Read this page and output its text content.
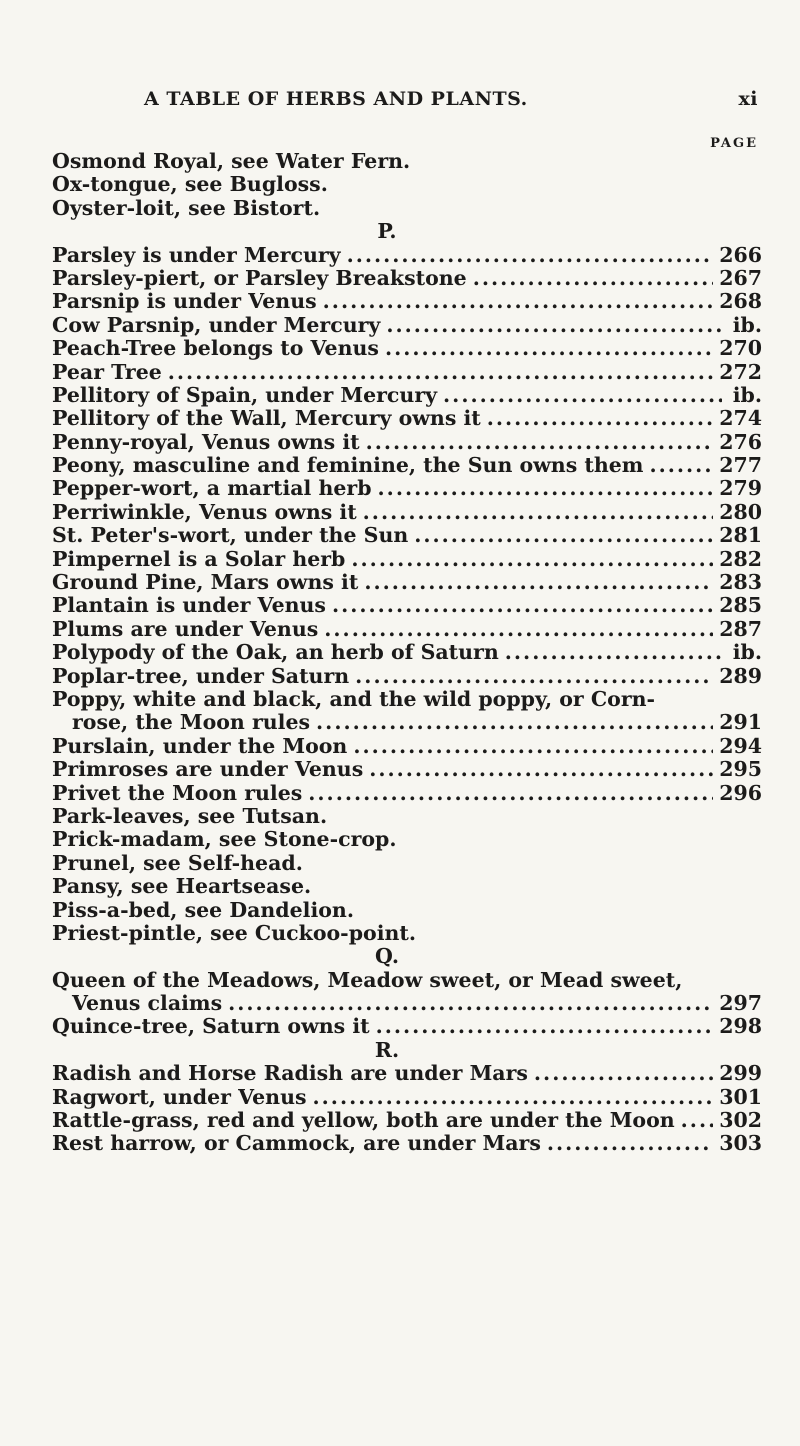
A TABLE OF HERBS AND PLANTS.	xi
PAGE
Osmond Royal, see Water Fern.
Ox-tongue, see Bugloss.
Oyster-loit, see Bistort.
P.
Parsley is under Mercury .....	266
Parsley-piert, or Parsley Breakstone .....	267
Parsnip is under Venus .....	268
Cow Parsnip, under Mercury .....	ib.
Peach-Tree belongs to Venus .....	270
Pear Tree .....	272
Pellitory of Spain, under Mercury .....	ib.
Pellitory of the Wall, Mercury owns it .....	274
Penny-royal, Venus owns it .....	276
Peony, masculine and feminine, the Sun owns them .....	277
Pepper-wort, a martial herb .....	279
Perriwinkle, Venus owns it .....	280
St. Peter's-wort, under the Sun .....	281
Pimpernel is a Solar herb .....	282
Ground Pine, Mars owns it .....	283
Plantain is under Venus .....	285
Plums are under Venus .....	287
Polypody of the Oak, an herb of Saturn .....	ib.
Poplar-tree, under Saturn .....	289
Poppy, white and black, and the wild poppy, or Corn-
rose, the Moon rules .....	291
Purslain, under the Moon .....	294
Primroses are under Venus .....	295
Privet the Moon rules .....	296
Park-leaves, see Tutsan.
Prick-madam, see Stone-crop.
Prunel, see Self-head.
Pansy, see Heartsease.
Piss-a-bed, see Dandelion.
Priest-pintle, see Cuckoo-point.
Q.
Queen of the Meadows, Meadow sweet, or Mead sweet,
Venus claims .....	297
Quince-tree, Saturn owns it .....	298
R.
Radish and Horse Radish are under Mars .....	299
Ragwort, under Venus .....	301
Rattle-grass, red and yellow, both are under the Moon ..... 302
Rest harrow, or Cammock, are under Mars .....	303
